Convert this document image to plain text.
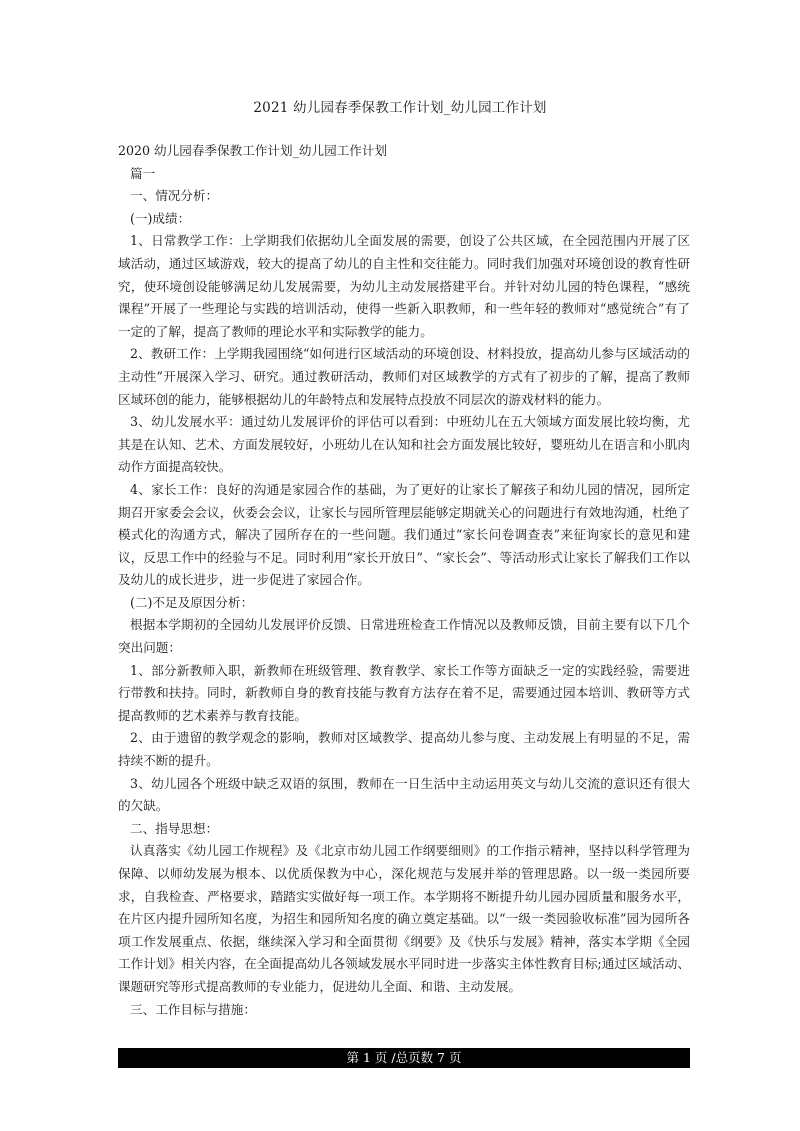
2021 幼儿园春季保教工作计划_幼儿园工作计划

2020 幼儿园春季保教工作计划_幼儿园工作计划

篇一

一、情况分析：

(一)成绩：

1、日常教学工作：上学期我们依据幼儿全面发展的需要，创设了公共区域，在全园范围内开展了区域活动，通过区域游戏，较大的提高了幼儿的自主性和交往能力。同时我们加强对环境创设的教育性研究，使环境创设能够满足幼儿发展需要，为幼儿主动发展搭建平台。并针对幼儿园的特色课程，“感统课程”开展了一些理论与实践的培训活动，使得一些新入职教师，和一些年轻的教师对“感觉统合”有了一定的了解，提高了教师的理论水平和实际教学的能力。

2、教研工作：上学期我园围绕“如何进行区域活动的环境创设、材料投放，提高幼儿参与区域活动的主动性”开展深入学习、研究。通过教研活动，教师们对区域教学的方式有了初步的了解，提高了教师区域环创的能力，能够根据幼儿的年龄特点和发展特点投放不同层次的游戏材料的能力。

3、幼儿发展水平：通过幼儿发展评价的评估可以看到：中班幼儿在五大领域方面发展比较均衡，尤其是在认知、艺术、方面发展较好，小班幼儿在认知和社会方面发展比较好，婴班幼儿在语言和小肌肉动作方面提高较快。

4、家长工作：良好的沟通是家园合作的基础，为了更好的让家长了解孩子和幼儿园的情况，园所定期召开家委会会议，伙委会会议，让家长与园所管理层能够定期就关心的问题进行有效地沟通，杜绝了模式化的沟通方式，解决了园所存在的一些问题。我们通过“家长问卷调查表”来征询家长的意见和建议，反思工作中的经验与不足。同时利用“家长开放日”、“家长会”、等活动形式让家长了解我们工作以及幼儿的成长进步，进一步促进了家园合作。

(二)不足及原因分析：

根据本学期初的全园幼儿发展评价反馈、日常进班检查工作情况以及教师反馈，目前主要有以下几个突出问题：

1、部分新教师入职，新教师在班级管理、教育教学、家长工作等方面缺乏一定的实践经验，需要进行带教和扶持。同时，新教师自身的教育技能与教育方法存在着不足，需要通过园本培训、教研等方式提高教师的艺术素养与教育技能。

2、由于遗留的教学观念的影响，教师对区域教学、提高幼儿参与度、主动发展上有明显的不足，需持续不断的提升。

3、幼儿园各个班级中缺乏双语的氛围，教师在一日生活中主动运用英文与幼儿交流的意识还有很大的欠缺。

二、指导思想：

认真落实《幼儿园工作规程》及《北京市幼儿园工作纲要细则》的工作指示精神，坚持以科学管理为保障、以师幼发展为根本、以优质保教为中心，深化规范与发展并举的管理思路。以一级一类园所要求，自我检查、严格要求，踏踏实实做好每一项工作。本学期将不断提升幼儿园办园质量和服务水平，在片区内提升园所知名度，为招生和园所知名度的确立奠定基础。以“一级一类园验收标准”园为园所各项工作发展重点、依据，继续深入学习和全面贯彻《纲要》及《快乐与发展》精神，落实本学期《全园工作计划》相关内容，在全面提高幼儿各领域发展水平同时进一步落实主体性教育目标;通过区域活动、课题研究等形式提高教师的专业能力，促进幼儿全面、和谐、主动发展。

三、工作目标与措施：

第 1 页 /总页数 7 页
